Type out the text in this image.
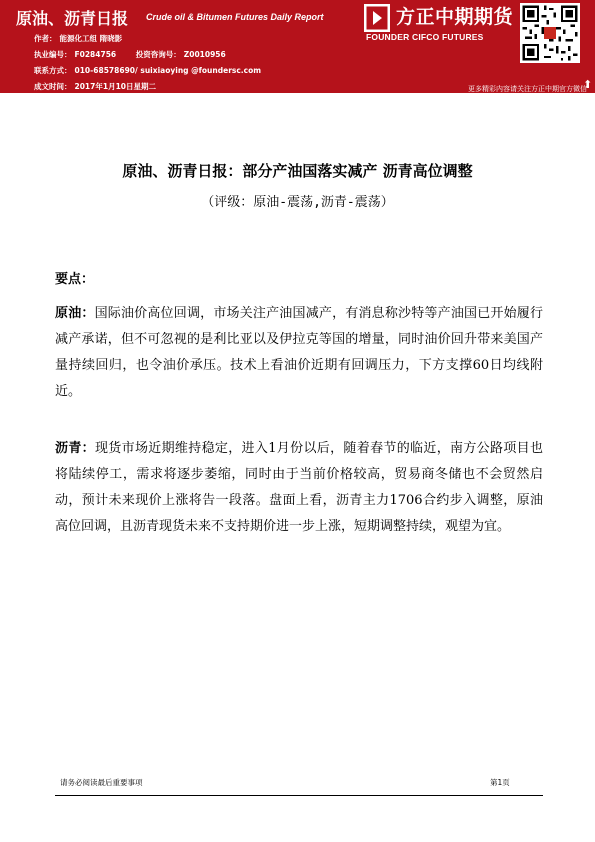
原油、沥青日报 Crude oil & Bitumen Futures Daily Report
作者： 能源化工组 隋晓影
执业编号： F0284756	投资咨询号： Z0010956
联系方式： 010-68578690/ suixiaoying @foundersc.com
成文时间： 2017年1月10日星期二
方正中期期货
FOUNDER CIFCO FUTURES
⬆
更多精彩内容请关注方正中期官方微信
原油、沥青日报：部分产油国落实减产 沥青高位调整
（评级：原油-震荡,沥青-震荡）
要点：
原油：国际油价高位回调，市场关注产油国减产，有消息称沙特等产油国已开始履行减产承诺，但不可忽视的是利比亚以及伊拉克等国的增量，同时油价回升带来美国产量持续回归，也令油价承压。技术上看油价近期有回调压力，下方支撑60日均线附近。
沥青：现货市场近期维持稳定，进入1月份以后，随着春节的临近，南方公路项目也将陆续停工，需求将逐步萎缩，同时由于当前价格较高，贸易商冬储也不会贸然启动，预计未来现价上涨将告一段落。盘面上看，沥青主力1706合约步入调整，原油高位回调，且沥青现货未来不支持期价进一步上涨，短期调整持续，观望为宜。
请务必阅读最后重要事项	第1页
